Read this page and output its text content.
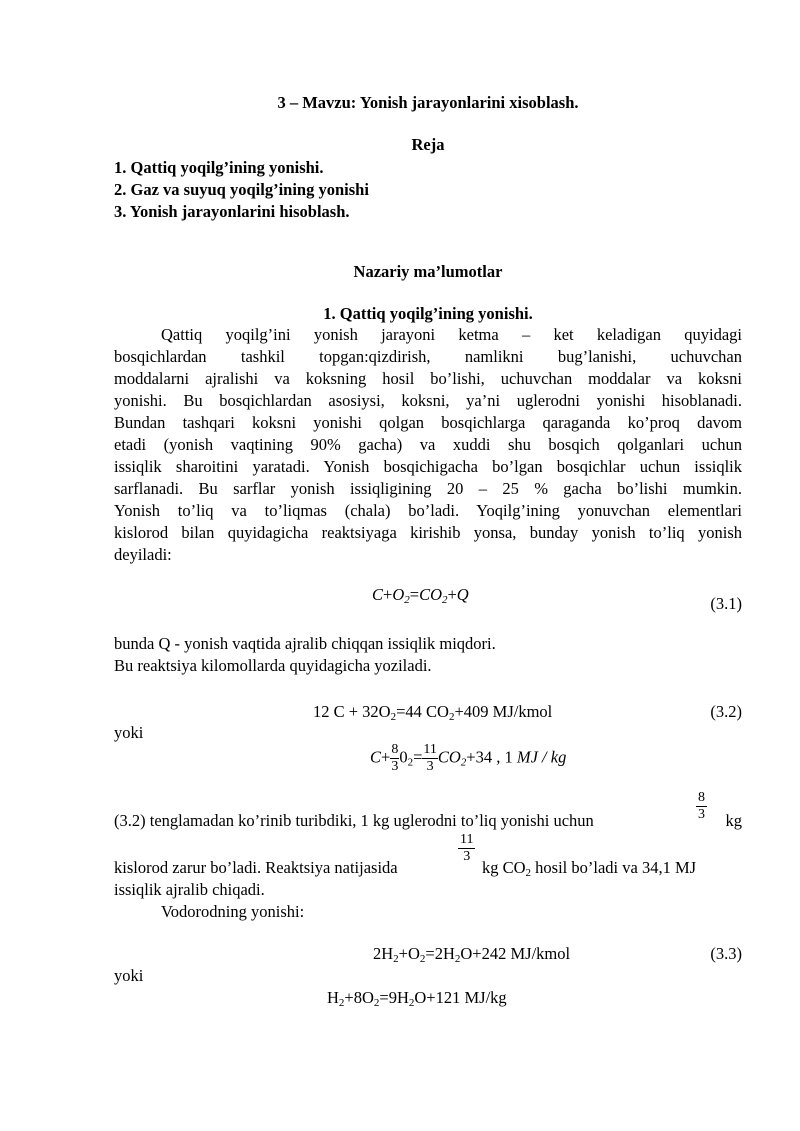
3 – Mavzu: Yonish jarayonlarini xisoblash.
Reja
1. Qattiq yoqilg’ining yonishi.
2. Gaz va suyuq yoqilg’ining yonishi
3. Yonish jarayonlarini hisoblash.
Nazariy ma’lumotlar
1. Qattiq yoqilg’ining yonishi.
Qattiq yoqilg’ini yonish jarayoni ketma – ket keladigan quyidagi
bosqichlardan tashkil topgan:qizdirish, namlikni bug’lanishi, uchuvchan
moddalarni ajralishi va koksning hosil bo’lishi, uchuvchan moddalar va koksni
yonishi. Bu bosqichlardan asosiysi, koksni, ya’ni uglerodni yonishi hisoblanadi.
Bundan tashqari koksni yonishi qolgan bosqichlarga qaraganda ko’proq davom
etadi (yonish vaqtining 90% gacha) va xuddi shu bosqich qolganlari uchun
issiqlik sharoitini yaratadi. Yonish bosqichigacha bo’lgan bosqichlar uchun issiqlik
sarflanadi. Bu sarflar yonish issiqligining 20 – 25 % gacha bo’lishi mumkin.
Yonish to’liq va to’liqmas (chala) bo’ladi. Yoqilg’ining yonuvchan elementlari
kislorod bilan quyidagicha reaktsiyaga kirishib yonsa, bunday yonish to’liq yonish
deyiladi:
$C+O_2=CO_2+Q$	(3.1)
bunda Q - yonish vaqtida ajralib chiqqan issiqlik miqdori.
Bu reaktsiya kilomollarda quyidagicha yoziladi.
12 $C + 32O_2=44$ $CO_2+409$ MJ/kmol	(3.2)
yoki
$C+ \frac{8}{3} 0_2= \frac{11}{3} CO_2+34$ , 1 MJ / kg
8
3
(3.2) tenglamadan ko’rinib turibdiki, 1 kg uglerodni to’liq yonishi uchun	kg
11
3
kislorod zarur bo’ladi. Reaktsiya natijasida	kg $CO_2$ hosil bo’ladi va 34,1 MJ
issiqlik ajralib chiqadi.
Vodorodning yonishi:
$2H_2+O_2=2H_2O+242$ MJ/kmol	(3.3)
yoki
$H_2+8O_2=9H_2O+121$ MJ/kg
